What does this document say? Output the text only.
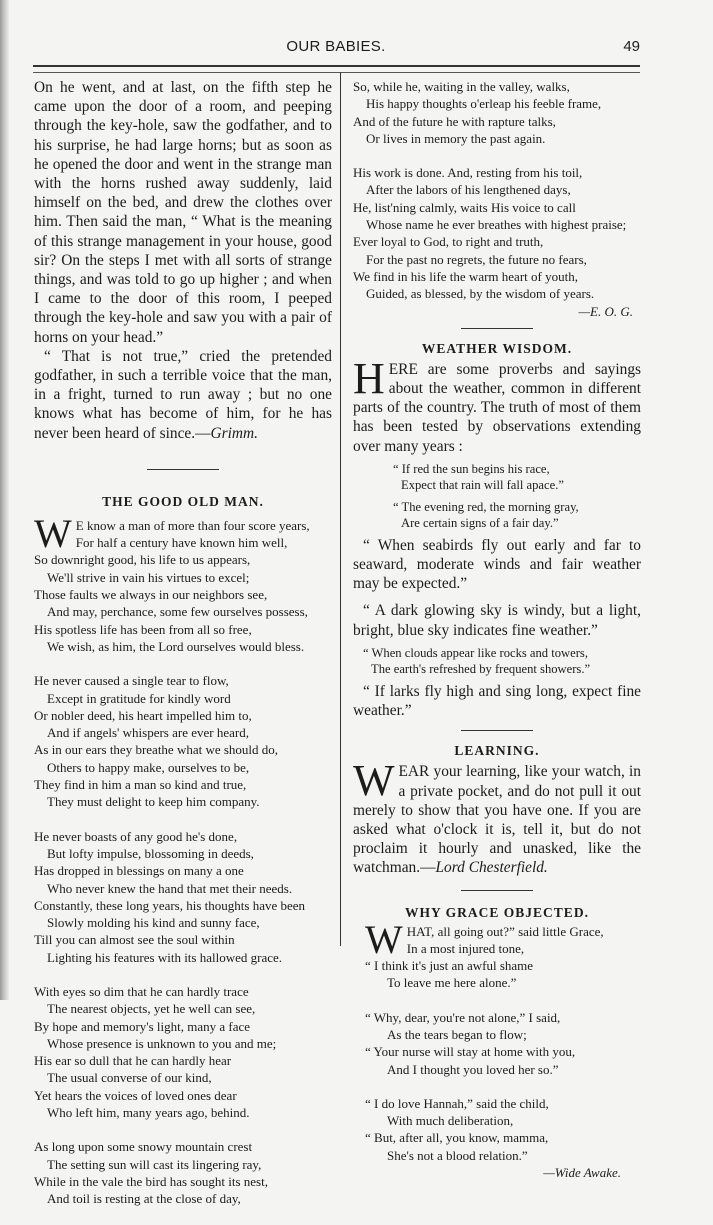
OUR BABIES.	49

On he went, and at last, on the fifth step he came upon the door of a room, and peeping through the key-hole, saw the godfather, and to his surprise, he had large horns; but as soon as he opened the door and went in the strange man with the horns rushed away suddenly, laid himself on the bed, and drew the clothes over him. Then said the man, “ What is the meaning of this strange management in your house, good sir? On the steps I met with all sorts of strange things, and was told to go up higher ; and when I came to the door of this room, I peeped through the key-hole and saw you with a pair of horns on your head.”

“ That is not true,” cried the pretended godfather, in such a terrible voice that the man, in a fright, turned to run away ; but no one knows what has become of him, for he has never been heard of since.—Grimm.

THE GOOD OLD MAN.
W E know a man of more than four score years,
For half a century have known him well,
So downright good, his life to us appears,
We'll strive in vain his virtues to excel;
Those faults we always in our neighbors see,
And may, perchance, some few ourselves possess,
His spotless life has been from all so free,
We wish, as him, the Lord ourselves would bless.
He never caused a single tear to flow,
Except in gratitude for kindly word
Or nobler deed, his heart impelled him to,
And if angels' whispers are ever heard,
As in our ears they breathe what we should do,
Others to happy make, ourselves to be,
They find in him a man so kind and true,
They must delight to keep him company.
He never boasts of any good he's done,
But lofty impulse, blossoming in deeds,
Has dropped in blessings on many a one
Who never knew the hand that met their needs.
Constantly, these long years, his thoughts have been
Slowly molding his kind and sunny face,
Till you can almost see the soul within
Lighting his features with its hallowed grace.
With eyes so dim that he can hardly trace
The nearest objects, yet he well can see,
By hope and memory's light, many a face
Whose presence is unknown to you and me;
His ear so dull that he can hardly hear
The usual converse of our kind,
Yet hears the voices of loved ones dear
Who left him, many years ago, behind.
As long upon some snowy mountain crest
The setting sun will cast its lingering ray,
While in the vale the bird has sought its nest,
And toil is resting at the close of day,
So, while he, waiting in the valley, walks,
His happy thoughts o'erleap his feeble frame,
And of the future he with rapture talks,
Or lives in memory the past again.
His work is done. And, resting from his toil,
After the labors of his lengthened days,
He, list'ning calmly, waits His voice to call
Whose name he ever breathes with highest praise;
Ever loyal to God, to right and truth,
For the past no regrets, the future no fears,
We find in his life the warm heart of youth,
Guided, as blessed, by the wisdom of years.
—E. O. G.
WEATHER WISDOM.
HERE are some proverbs and sayings about the weather, common in different parts of the country. The truth of most of them has been tested by observations extending over many years :
“ If red the sun begins his race,
Expect that rain will fall apace.”
“ The evening red, the morning gray,
Are certain signs of a fair day.”
“ When seabirds fly out early and far to seaward, moderate winds and fair weather may be expected.”
“ A dark glowing sky is windy, but a light, bright, blue sky indicates fine weather.”
“ When clouds appear like rocks and towers,
The earth's refreshed by frequent showers.”
“ If larks fly high and sing long, expect fine weather.”
LEARNING.
WEAR your learning, like your watch, in a private pocket, and do not pull it out merely to show that you have one. If you are asked what o'clock it is, tell it, but do not proclaim it hourly and unasked, like the watchman.—Lord Chesterfield.
WHY GRACE OBJECTED.
WHAT, all going out?” said little Grace,
In a most injured tone,
“ I think it's just an awful shame
To leave me here alone.”
“ Why, dear, you're not alone,” I said,
As the tears began to flow;
“ Your nurse will stay at home with you,
And I thought you loved her so.”
“ I do love Hannah,” said the child,
With much deliberation,
“ But, after all, you know, mamma,
She's not a blood relation.”
—Wide Awake.
